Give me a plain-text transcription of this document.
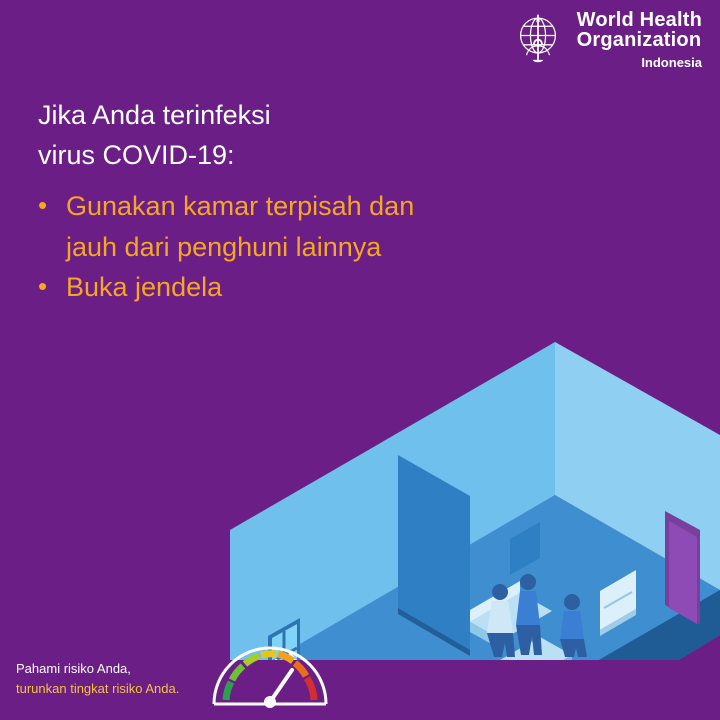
World Health
Organization
Indonesia
Jika Anda terinfeksi
virus COVID-19:
• Gunakan kamar terpisah dan
jauh dari penghuni lainnya
• Buka jendela
Pahami risiko Anda,
turunkan tingkat risiko Anda.
